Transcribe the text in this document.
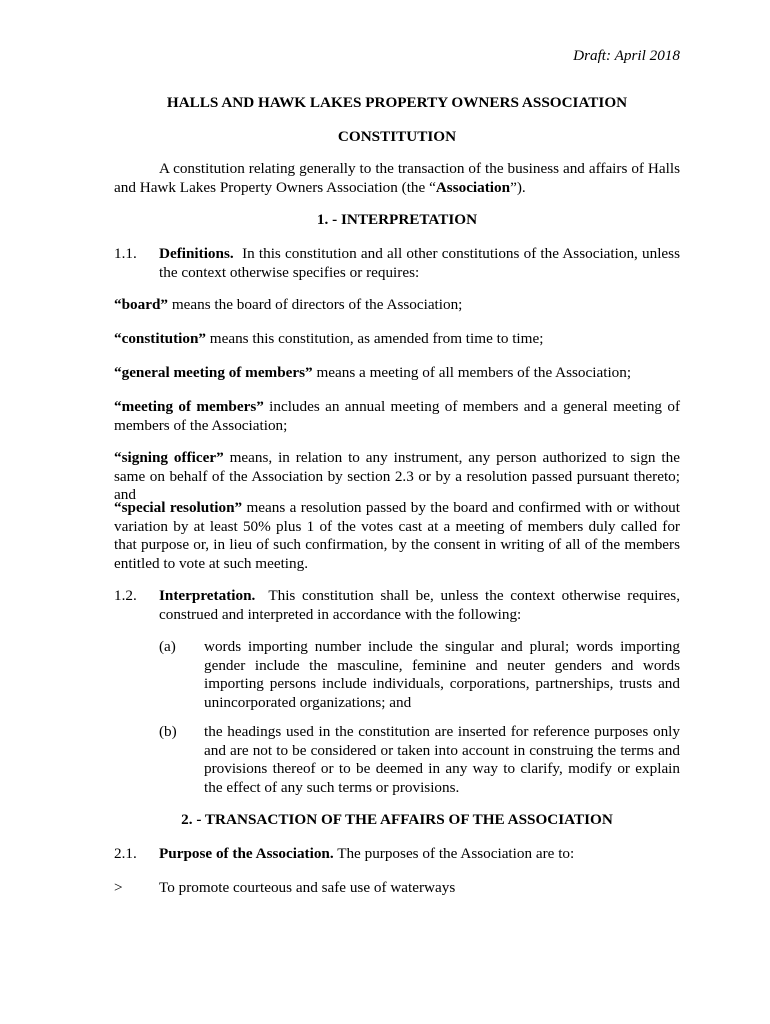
Draft: April 2018
HALLS AND HAWK LAKES PROPERTY OWNERS ASSOCIATION
CONSTITUTION
A constitution relating generally to the transaction of the business and affairs of Halls and Hawk Lakes Property Owners Association (the “Association”).
1. - INTERPRETATION
1.1. Definitions. In this constitution and all other constitutions of the Association, unless the context otherwise specifies or requires:
“board” means the board of directors of the Association;
“constitution” means this constitution, as amended from time to time;
“general meeting of members” means a meeting of all members of the Association;
“meeting of members” includes an annual meeting of members and a general meeting of members of the Association;
“signing officer” means, in relation to any instrument, any person authorized to sign the same on behalf of the Association by section 2.3 or by a resolution passed pursuant thereto; and
“special resolution” means a resolution passed by the board and confirmed with or without variation by at least 50% plus 1 of the votes cast at a meeting of members duly called for that purpose or, in lieu of such confirmation, by the consent in writing of all of the members entitled to vote at such meeting.
1.2. Interpretation. This constitution shall be, unless the context otherwise requires, construed and interpreted in accordance with the following:
(a) words importing number include the singular and plural; words importing gender include the masculine, feminine and neuter genders and words importing persons include individuals, corporations, partnerships, trusts and unincorporated organizations; and
(b) the headings used in the constitution are inserted for reference purposes only and are not to be considered or taken into account in construing the terms and provisions thereof or to be deemed in any way to clarify, modify or explain the effect of any such terms or provisions.
2. - TRANSACTION OF THE AFFAIRS OF THE ASSOCIATION
2.1. Purpose of the Association. The purposes of the Association are to:
> To promote courteous and safe use of waterways
